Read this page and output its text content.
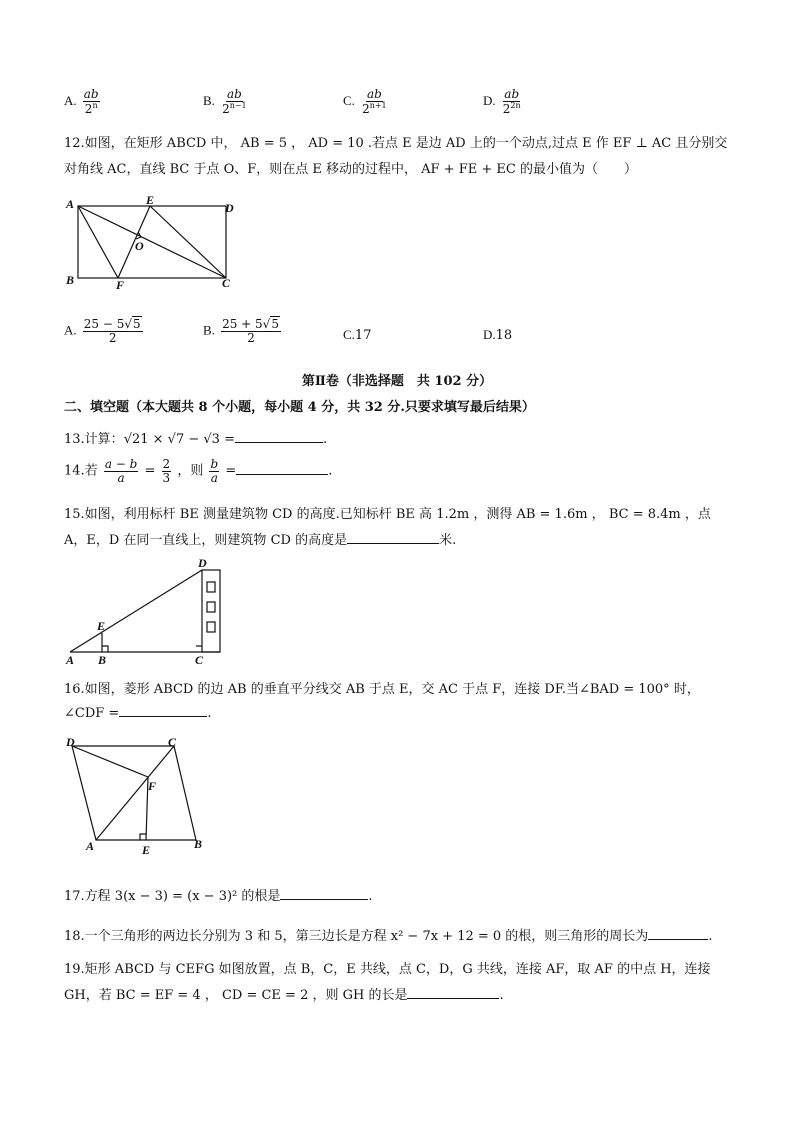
A. $\frac{ab}{2^n}$	B. $\frac{ab}{2^{n-1}}$	C. $\frac{ab}{2^{n+1}}$	D. $\frac{ab}{2^{2n}}$
12.如图，在矩形 ABCD 中， AB = 5 ， AD = 10 .若点 E 是边 AD 上的一个动点,过点 E 作 EF ⊥ AC 且分别交
对角线 AC，直线 BC 于点 O、F，则在点 E 移动的过程中， AF + FE + EC 的最小值为（　　）
A	E
D
O
B	F	C
A. $\frac{25 - 5√5}{2}$	B. $\frac{25 + 5√5}{2}$	C.17	D.18
第Ⅱ卷（非选择题　共 102 分）
二、填空题（本大题共 8 个小题，每小题 4 分，共 32 分.只要求填写最后结果）
13.计算：√21 × √7 − √3 =	.
14.若 $\frac{a - b}{a} = \frac{2}{3}$ ，则 $\frac{b}{a}$ =	.
15.如图，利用标杆 BE 测量建筑物 CD 的高度.已知标杆 BE 高 1.2m ，测得 AB = 1.6m ， BC = 8.4m ，点
A，E，D 在同一直线上，则建筑物 CD 的高度是	米.
D
E
A B	C
16.如图，菱形 ABCD 的边 AB 的垂直平分线交 AB 于点 E，交 AC 于点 F，连接 DF.当∠BAD = 100° 时，
∠CDF =	.
D	C
F
A	E	B
17.方程 3(x − 3) = (x − 3)² 的根是	.
18.一个三角形的两边长分别为 3 和 5，第三边长是方程 x² − 7x + 12 = 0 的根，则三角形的周长为	.
19.矩形 ABCD 与 CEFG 如图放置，点 B，C，E 共线，点 C，D，G 共线，连接 AF，取 AF 的中点 H，连接
GH，若 BC = EF = 4 ， CD = CE = 2 ，则 GH 的长是	.
